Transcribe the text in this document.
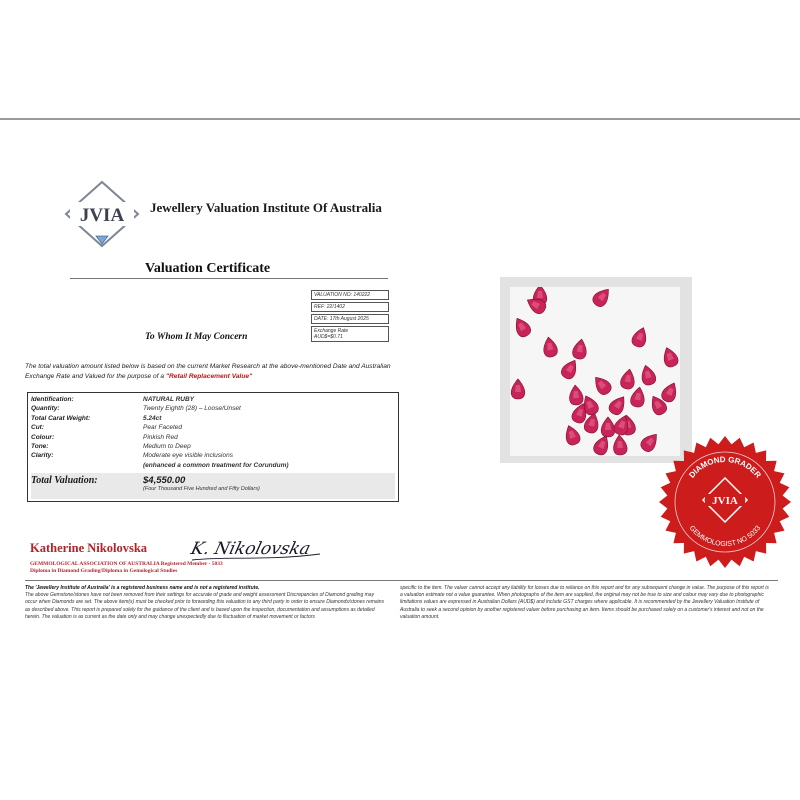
JVIA Jewellery Valuation Institute Of Australia
Valuation Certificate
VALUATION NO: 140222
REF: 22/1402
DATE: 17th August 2025
Exchange Rate
AUD$=$0.71
To Whom It May Concern
The total valuation amount listed below is based on the current Market Research at the above-mentioned Date and Australian Exchange Rate and Valued for the purpose of a "Retail Replacement Value"
Identification:	NATURAL RUBY
Quantity:	Twenty Eighth (28) – Loose/Unset
Total Carat Weight:	5.24ct
Cut:	Pear Faceted
Colour:	Pinkish Red
Tone:	Medium to Deep
Clarity:	Moderate eye visible inclusions
(enhanced a common treatment for Corundum)
Total Valuation:	$4,550.00
(Four Thousand Five Hundred and Fifty Dollars)
Katherine Nikolovska K. Nikolovska
GEMMOLOGICAL ASSOCIATION OF AUSTRALIA Registered Member - 5033
Diploma in Diamond Grading/Diploma in Gemological Studies
The 'Jewellery Institute of Australia' is a registered business name and is not a registered institute.
The above Gemstone/stones have not been removed from their settings for accurate of grade and weight assessment Discrepancies of Diamond grading may occur when Diamonds are set. The above item(s) must be checked prior to forwarding this valuation to any third party in order to ensure Diamonds/stones remains as described above. This report is prepared solely for the guidance of the client and is based upon the inspection, documentation and assumptions as detailed herein. The valuation is as current as the date only and may change unexpectedly due to fluctuation of market movement or factors
specific to the item. The valuer cannot accept any liability for losses due to reliance on this report and for any subsequent change in value. The purpose of this report is a valuation estimate not a value guarantee. When photographs of the item are supplied, the original may not be true to size and colour may vary due to photographic limitations values are expressed in Australian Dollars (AUD$) and include GST charges where applicable. It is recommended by the Jewellery Valuation Institute of Australia to seek a second opinion by another registered valuer before purchasing an item. Items should be purchased solely on a customer's interest and not on the valuation amount.
DIAMOND GRADER
GEMMOLOGIST NO 5033
JVIA
